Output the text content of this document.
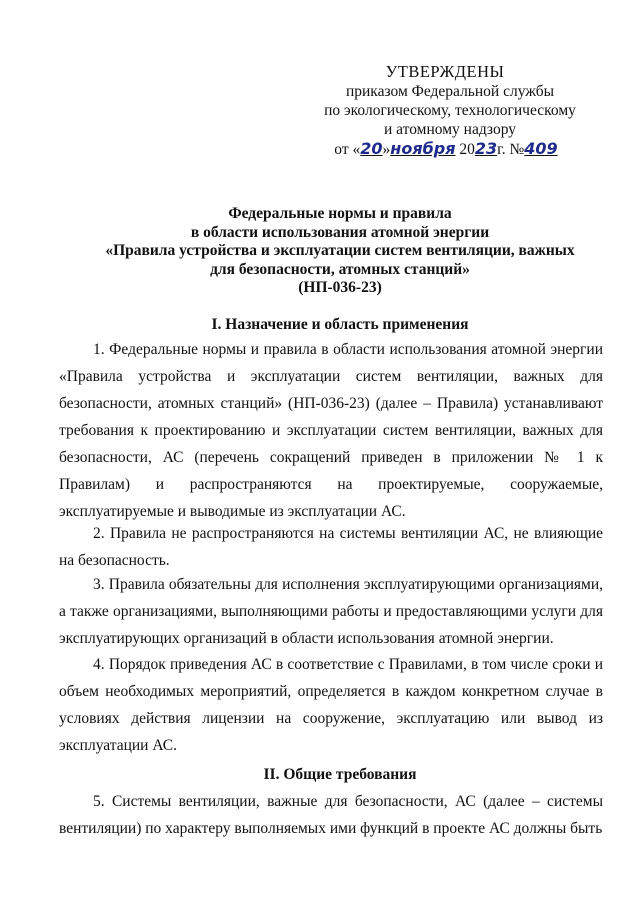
УТВЕРЖДЕНЫ
приказом Федеральной службы
по экологическому, технологическому
и атомному надзору
от «20»ноября 2023г. №409
Федеральные нормы и правила
в области использования атомной энергии
«Правила устройства и эксплуатации систем вентиляции, важных
для безопасности, атомных станций»
(НП-036-23)
I. Назначение и область применения
1. Федеральные нормы и правила в области использования атомной энергии «Правила устройства и эксплуатации систем вентиляции, важных для безопасности, атомных станций» (НП-036-23) (далее – Правила) устанавливают требования к проектированию и эксплуатации систем вентиляции, важных для безопасности, АС (перечень сокращений приведен в приложении № 1 к Правилам) и распространяются на проектируемые, сооружаемые, эксплуатируемые и выводимые из эксплуатации АС.
2. Правила не распространяются на системы вентиляции АС, не влияющие на безопасность.
3. Правила обязательны для исполнения эксплуатирующими организациями, а также организациями, выполняющими работы и предоставляющими услуги для эксплуатирующих организаций в области использования атомной энергии.
4. Порядок приведения АС в соответствие с Правилами, в том числе сроки и объем необходимых мероприятий, определяется в каждом конкретном случае в условиях действия лицензии на сооружение, эксплуатацию или вывод из эксплуатации АС.
II. Общие требования
5. Системы вентиляции, важные для безопасности, АС (далее – системы вентиляции) по характеру выполняемых ими функций в проекте АС должны быть
